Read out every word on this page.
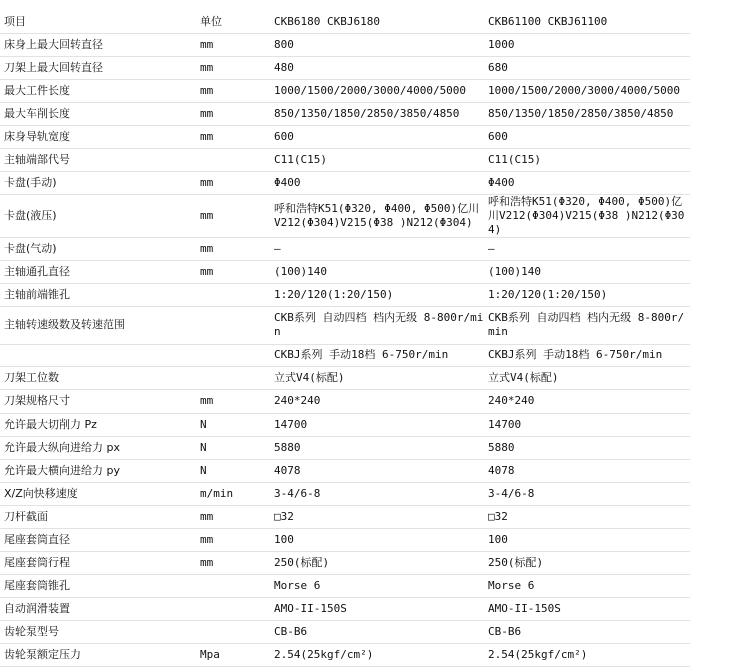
项目	单位	CKB6180 CKBJ6180	CKB61100 CKBJ61100
床身上最大回转直径	mm	800	1000
刀架上最大回转直径	mm	480	680
最大工件长度	mm	1000/1500/2000/3000/4000/5000	1000/1500/2000/3000/4000/5000
最大车削长度	mm	850/1350/1850/2850/3850/4850	850/1350/1850/2850/3850/4850
床身导轨宽度	mm	600	600
主轴端部代号		C11(C15)	C11(C15)
卡盘(手动)	mm	Φ400	Φ400
卡盘(液压)	mm	呼和浩特K51(Φ320, Φ400, Φ500)亿川V212(Φ304)V215(Φ38 )N212(Φ304)	呼和浩特K51(Φ320, Φ400, Φ500)亿川V212(Φ304)V215(Φ38 )N212(Φ304)
卡盘(气动)	mm	—	—
主轴通孔直径	mm	(100)140	(100)140
主轴前端锥孔		1:20/120(1:20/150)	1:20/120(1:20/150)
主轴转速级数及转速范围		CKB系列 自动四档 档内无级 8-800r/min	CKB系列 自动四档 档内无级 8-800r/min
		CKBJ系列 手动18档 6-750r/min	CKBJ系列 手动18档 6-750r/min
刀架工位数		立式V4(标配)	立式V4(标配)
刀架规格尺寸	mm	240*240	240*240
允许最大切削力 Pz	N	14700	14700
允许最大纵向进给力 px	N	5880	5880
允许最大横向进给力 py	N	4078	4078
X/Z向快移速度	m/min	3-4/6-8	3-4/6-8
刀杆截面	mm	□32	□32
尾座套筒直径	mm	100	100
尾座套筒行程	mm	250(标配)	250(标配)
尾座套筒锥孔		Morse 6	Morse 6
自动润滑装置		AMO-II-150S	AMO-II-150S
齿轮泵型号		CB-B6	CB-B6
齿轮泵额定压力	Mpa	2.54(25kgf/cm²)	2.54(25kgf/cm²)
